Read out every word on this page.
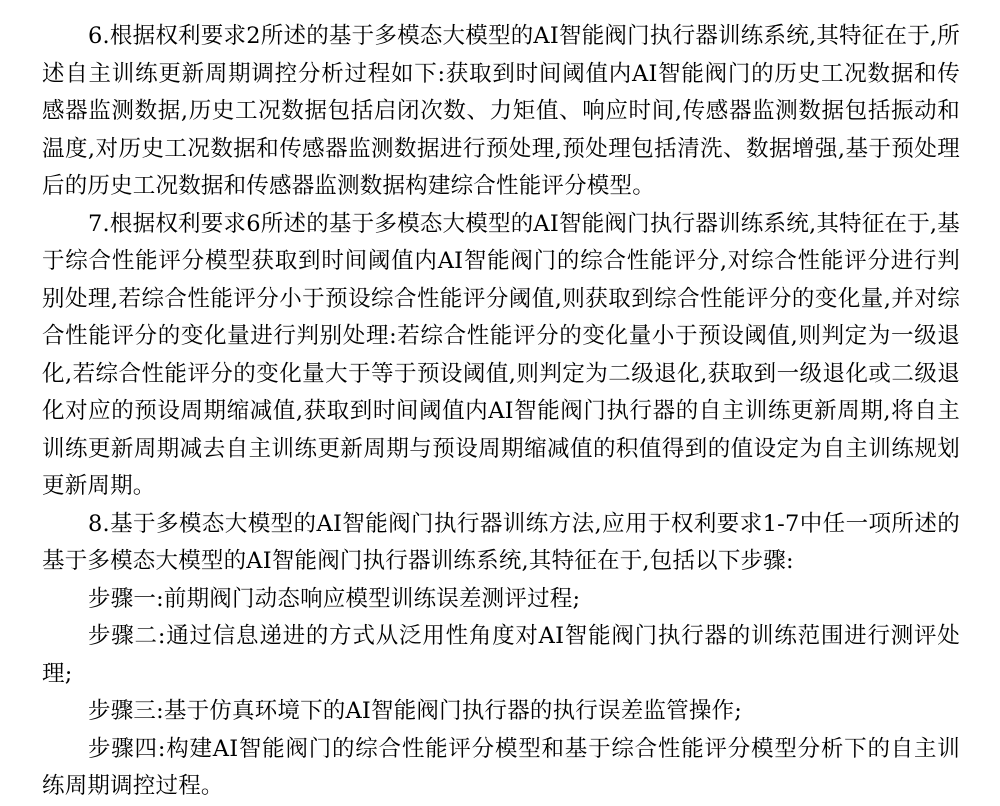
6.根据权利要求2所述的基于多模态大模型的AI智能阀门执行器训练系统,其特征在于,所述自主训练更新周期调控分析过程如下:获取到时间阈值内AI智能阀门的历史工况数据和传感器监测数据,历史工况数据包括启闭次数、力矩值、响应时间,传感器监测数据包括振动和温度,对历史工况数据和传感器监测数据进行预处理,预处理包括清洗、数据增强,基于预处理后的历史工况数据和传感器监测数据构建综合性能评分模型。

7.根据权利要求6所述的基于多模态大模型的AI智能阀门执行器训练系统,其特征在于,基于综合性能评分模型获取到时间阈值内AI智能阀门的综合性能评分,对综合性能评分进行判别处理,若综合性能评分小于预设综合性能评分阈值,则获取到综合性能评分的变化量,并对综合性能评分的变化量进行判别处理:若综合性能评分的变化量小于预设阈值,则判定为一级退化,若综合性能评分的变化量大于等于预设阈值,则判定为二级退化,获取到一级退化或二级退化对应的预设周期缩减值,获取到时间阈值内AI智能阀门执行器的自主训练更新周期,将自主训练更新周期减去自主训练更新周期与预设周期缩减值的积值得到的值设定为自主训练规划更新周期。

8.基于多模态大模型的AI智能阀门执行器训练方法,应用于权利要求1-7中任一项所述的基于多模态大模型的AI智能阀门执行器训练系统,其特征在于,包括以下步骤:

步骤一:前期阀门动态响应模型训练误差测评过程;

步骤二:通过信息递进的方式从泛用性角度对AI智能阀门执行器的训练范围进行测评处理;

步骤三:基于仿真环境下的AI智能阀门执行器的执行误差监管操作;

步骤四:构建AI智能阀门的综合性能评分模型和基于综合性能评分模型分析下的自主训练周期调控过程。
